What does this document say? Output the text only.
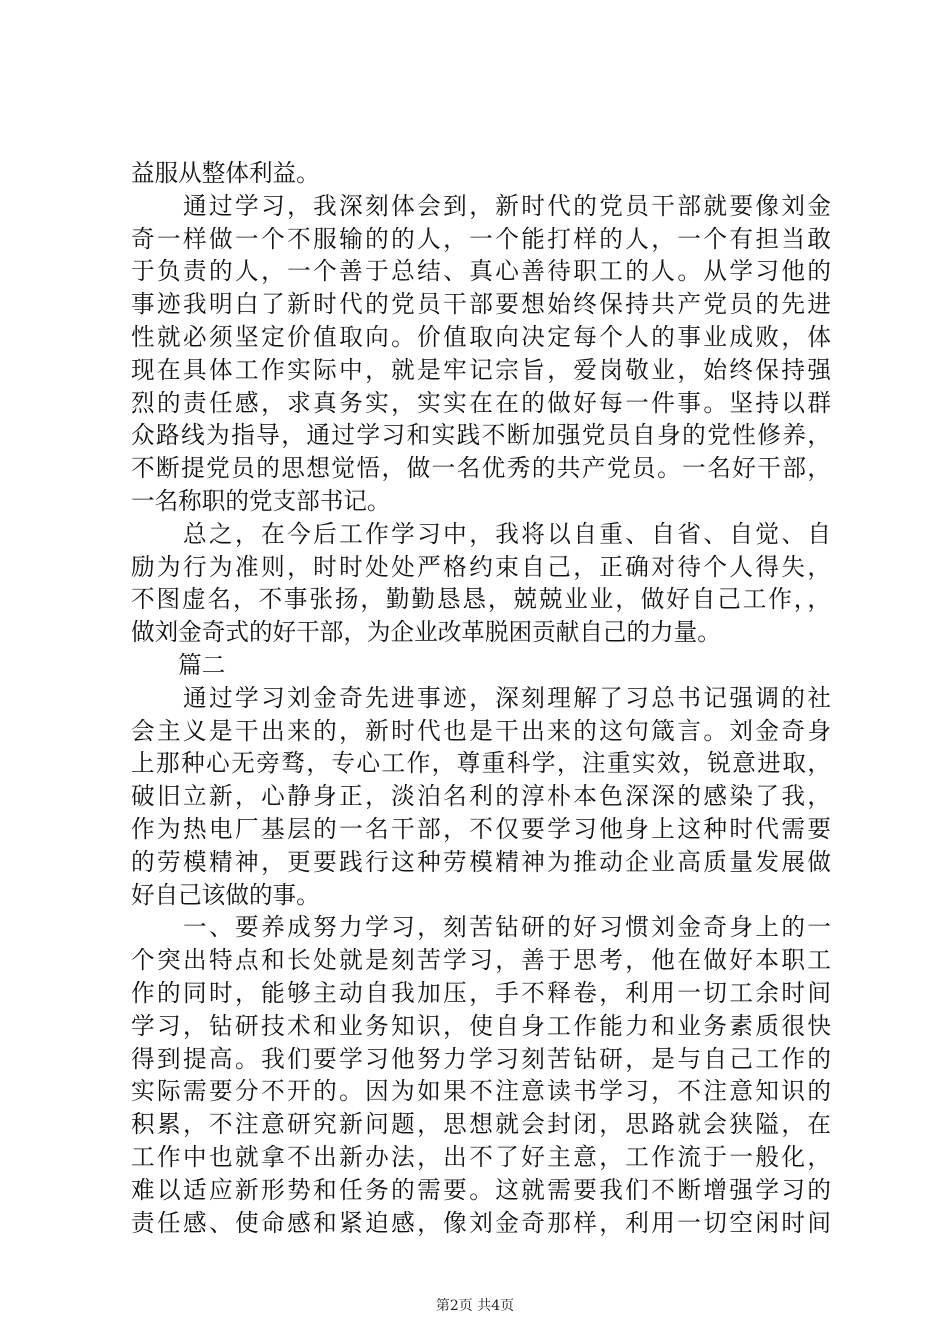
益服从整体利益。
　　通过学习，我深刻体会到，新时代的党员干部就要像刘金
奇一样做一个不服输的的人，一个能打样的人，一个有担当敢
于负责的人，一个善于总结、真心善待职工的人。从学习他的
事迹我明白了新时代的党员干部要想始终保持共产党员的先进
性就必须坚定价值取向。价值取向决定每个人的事业成败，体
现在具体工作实际中，就是牢记宗旨，爱岗敬业，始终保持强
烈的责任感，求真务实，实实在在的做好每一件事。坚持以群
众路线为指导，通过学习和实践不断加强党员自身的党性修养，
不断提党员的思想觉悟，做一名优秀的共产党员。一名好干部，
一名称职的党支部书记。
　　总之，在今后工作学习中，我将以自重、自省、自觉、自
励为行为准则，时时处处严格约束自己，正确对待个人得失，
不图虚名，不事张扬，勤勤恳恳，兢兢业业，做好自己工作，，
做刘金奇式的好干部，为企业改革脱困贡献自己的力量。
　　篇二
　　通过学习刘金奇先进事迹，深刻理解了习总书记强调的社
会主义是干出来的，新时代也是干出来的这句箴言。刘金奇身
上那种心无旁骛，专心工作，尊重科学，注重实效，锐意进取，
破旧立新，心静身正，淡泊名利的淳朴本色深深的感染了我，
作为热电厂基层的一名干部，不仅要学习他身上这种时代需要
的劳模精神，更要践行这种劳模精神为推动企业高质量发展做
好自己该做的事。
　　一、要养成努力学习，刻苦钻研的好习惯刘金奇身上的一
个突出特点和长处就是刻苦学习，善于思考，他在做好本职工
作的同时，能够主动自我加压，手不释卷，利用一切工余时间
学习，钻研技术和业务知识，使自身工作能力和业务素质很快
得到提高。我们要学习他努力学习刻苦钻研，是与自己工作的
实际需要分不开的。因为如果不注意读书学习，不注意知识的
积累，不注意研究新问题，思想就会封闭，思路就会狭隘，在
工作中也就拿不出新办法，出不了好主意，工作流于一般化，
难以适应新形势和任务的需要。这就需要我们不断增强学习的
责任感、使命感和紧迫感，像刘金奇那样，利用一切空闲时间
第2页 共4页
